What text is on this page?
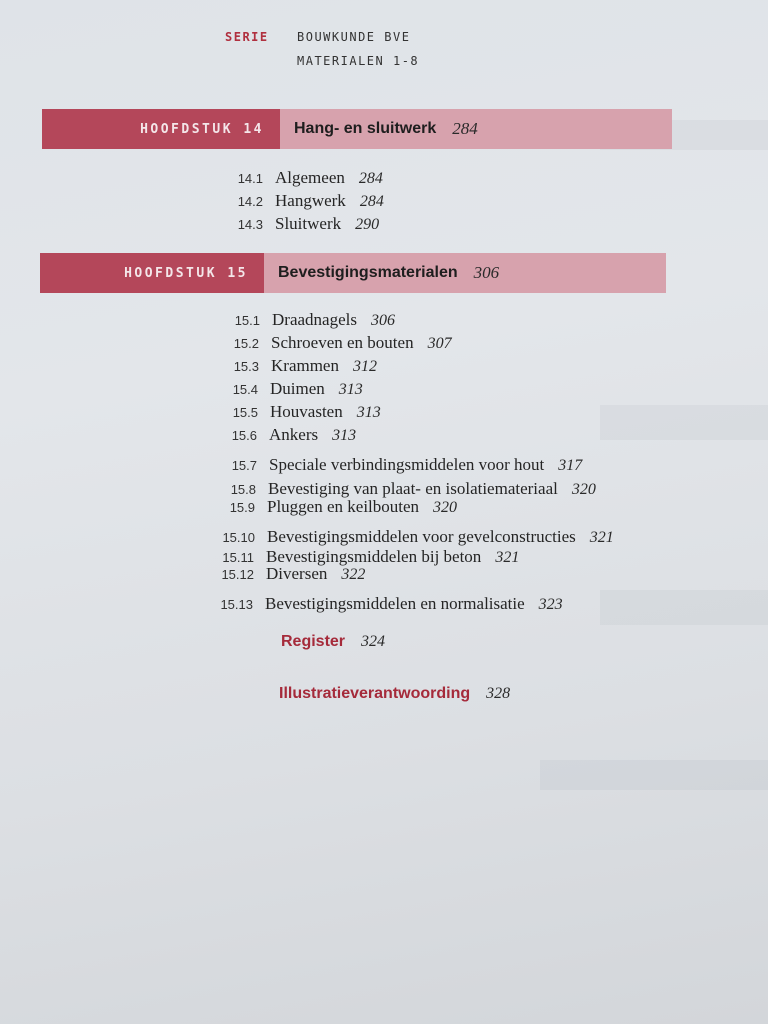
SERIE BOUWKUNDE BVE
MATERIALEN 1-8
HOOFDSTUK 14	Hang- en sluitwerk 284
14.1 Algemeen 284
14.2 Hangwerk 284
14.3 Sluitwerk 290
HOOFDSTUK 15	Bevestigingsmaterialen 306
15.1 Draadnagels 306
15.2 Schroeven en bouten 307
15.3 Krammen 312
15.4 Duimen 313
15.5 Houvasten 313
15.6 Ankers 313
15.7 Speciale verbindingsmiddelen voor hout 317
15.8 Bevestiging van plaat- en isolatiemateriaal 320
15.9 Pluggen en keilbouten 320
15.10 Bevestigingsmiddelen voor gevelconstructies 321
15.11 Bevestigingsmiddelen bij beton 321
15.12 Diversen 322
15.13 Bevestigingsmiddelen en normalisatie 323
Register 324
Illustratieverantwoording 328
